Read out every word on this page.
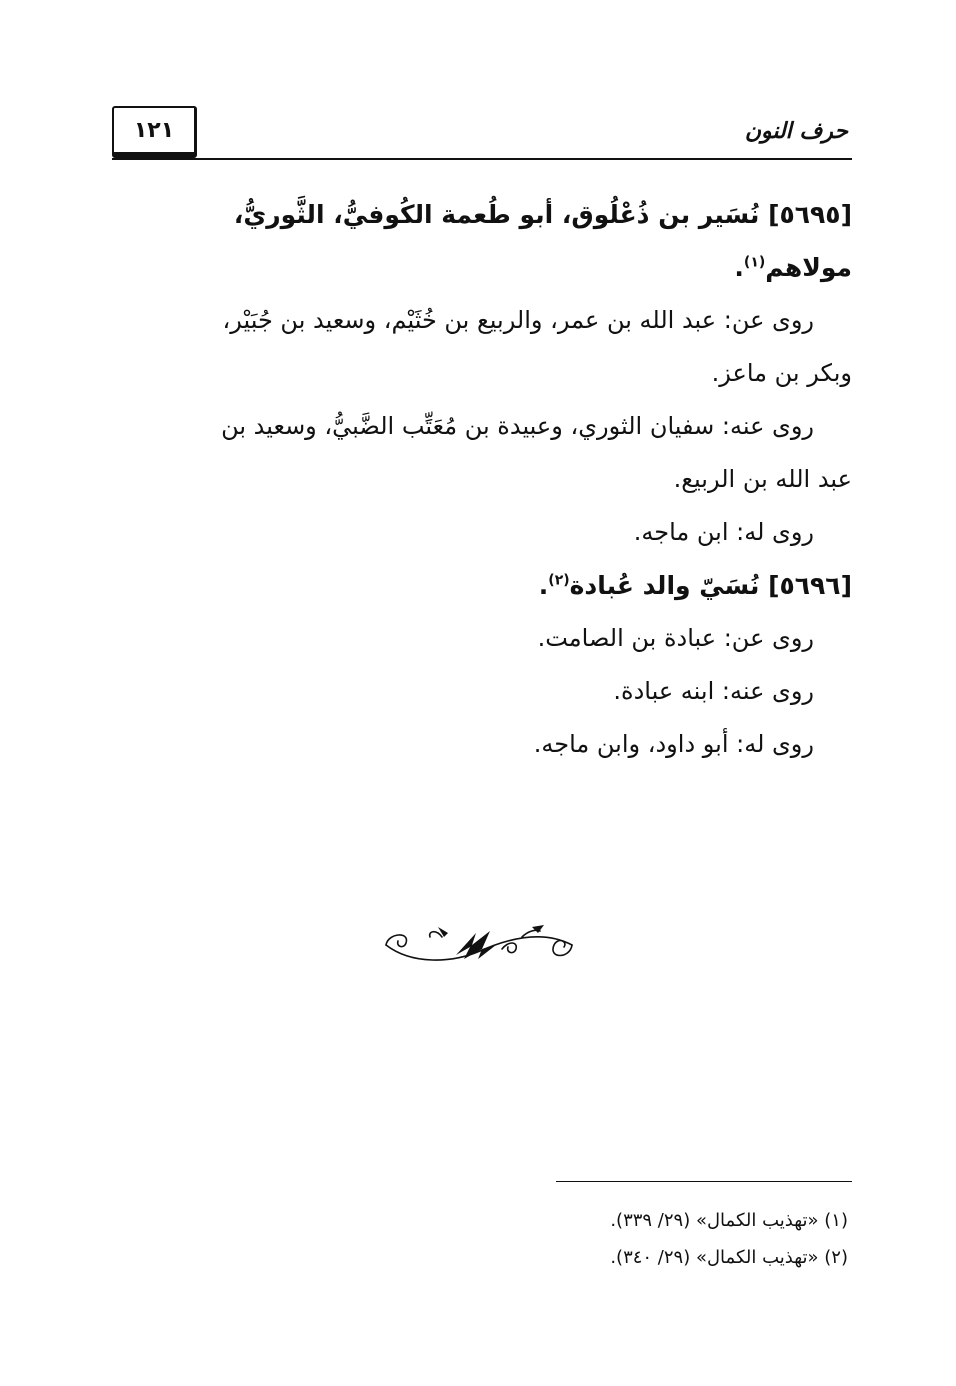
١٢١	حرف النون

[٥٦٩٥] نُسَير بن ذُعْلُوق، أبو طُعمة الكُوفيُّ، الثَّوريُّ، مولاهم$^{(١)}$.

روى عن: عبد الله بن عمر، والربيع بن خُثَيْم، وسعيد بن جُبَيْر،

وبكر بن ماعز.

روى عنه: سفيان الثوري، وعبيدة بن مُعَتِّب الضَّبيُّ، وسعيد بن

عبد الله بن الربيع.

روى له: ابن ماجه.

[٥٦٩٦] نُسَيّ والد عُبادة$^{(٢)}$.

روى عن: عبادة بن الصامت.

روى عنه: ابنه عبادة.

روى له: أبو داود، وابن ماجه.

(١) «تهذيب الكمال» (٢٩/ ٣٣٩).

(٢) «تهذيب الكمال» (٢٩/ ٣٤٠).
